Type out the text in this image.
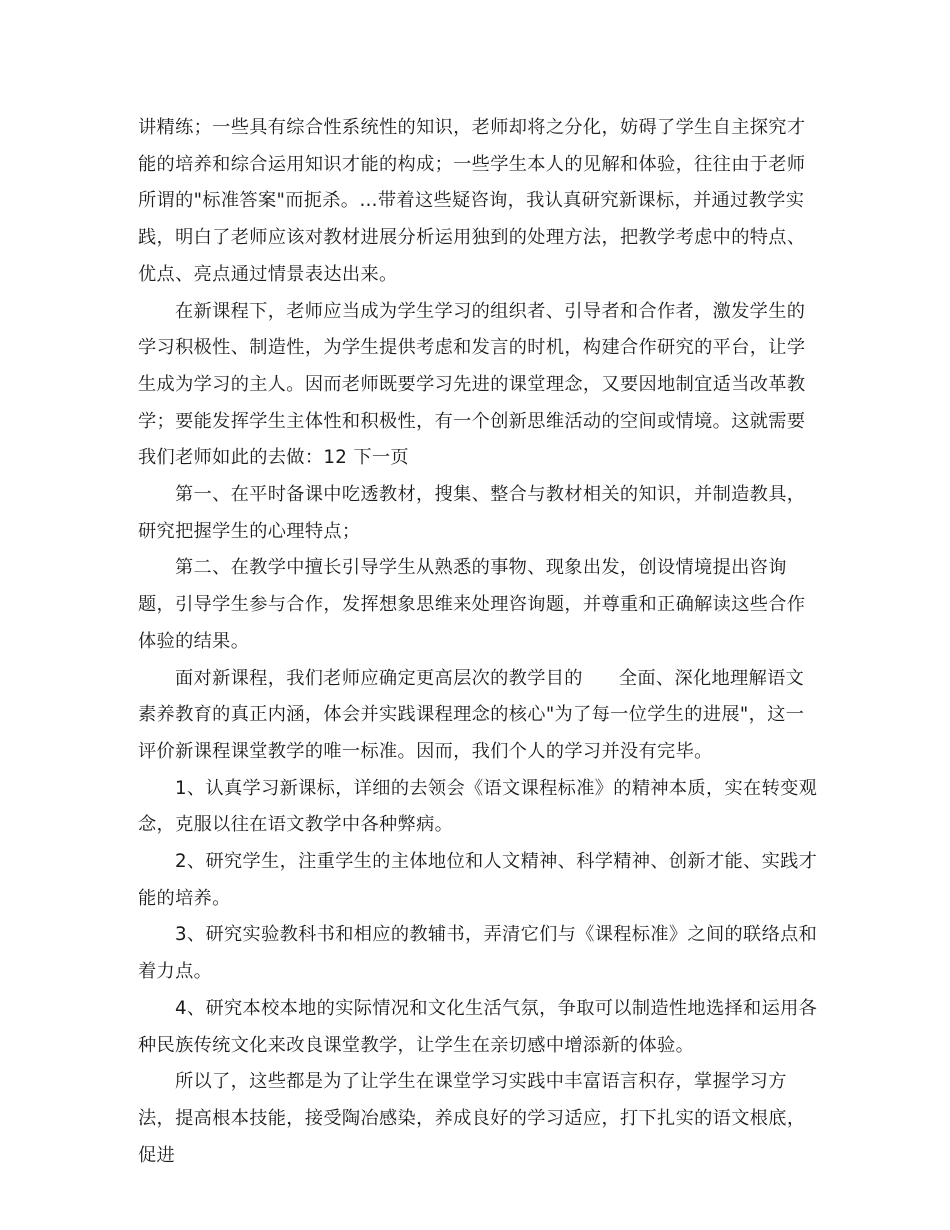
讲精练；一些具有综合性系统性的知识，老师却将之分化，妨碍了学生自主探究才能的培养和综合运用知识才能的构成；一些学生本人的见解和体验，往往由于老师所谓的"标准答案"而扼杀。…带着这些疑咨询，我认真研究新课标，并通过教学实践，明白了老师应该对教材进展分析运用独到的处理方法，把教学考虑中的特点、优点、亮点通过情景表达出来。

在新课程下，老师应当成为学生学习的组织者、引导者和合作者，激发学生的学习积极性、制造性，为学生提供考虑和发言的时机，构建合作研究的平台，让学生成为学习的主人。因而老师既要学习先进的课堂理念，又要因地制宜适当改革教学；要能发挥学生主体性和积极性，有一个创新思维活动的空间或情境。这就需要我们老师如此的去做：12 下一页

第一、在平时备课中吃透教材，搜集、整合与教材相关的知识，并制造教具，研究把握学生的心理特点；

第二、在教学中擅长引导学生从熟悉的事物、现象出发，创设情境提出咨询题，引导学生参与合作，发挥想象思维来处理咨询题，并尊重和正确解读这些合作体验的结果。

面对新课程，我们老师应确定更高层次的教学目的 全面、深化地理解语文素养教育的真正内涵，体会并实践课程理念的核心"为了每一位学生的进展"，这一评价新课程课堂教学的唯一标准。因而，我们个人的学习并没有完毕。

1、认真学习新课标，详细的去领会《语文课程标准》的精神本质，实在转变观念，克服以往在语文教学中各种弊病。

2、研究学生，注重学生的主体地位和人文精神、科学精神、创新才能、实践才能的培养。

3、研究实验教科书和相应的教辅书，弄清它们与《课程标准》之间的联络点和着力点。

4、研究本校本地的实际情况和文化生活气氛，争取可以制造性地选择和运用各种民族传统文化来改良课堂教学，让学生在亲切感中增添新的体验。

所以了，这些都是为了让学生在课堂学习实践中丰富语言积存，掌握学习方法，提高根本技能，接受陶冶感染，养成良好的学习适应，打下扎实的语文根底，促进
